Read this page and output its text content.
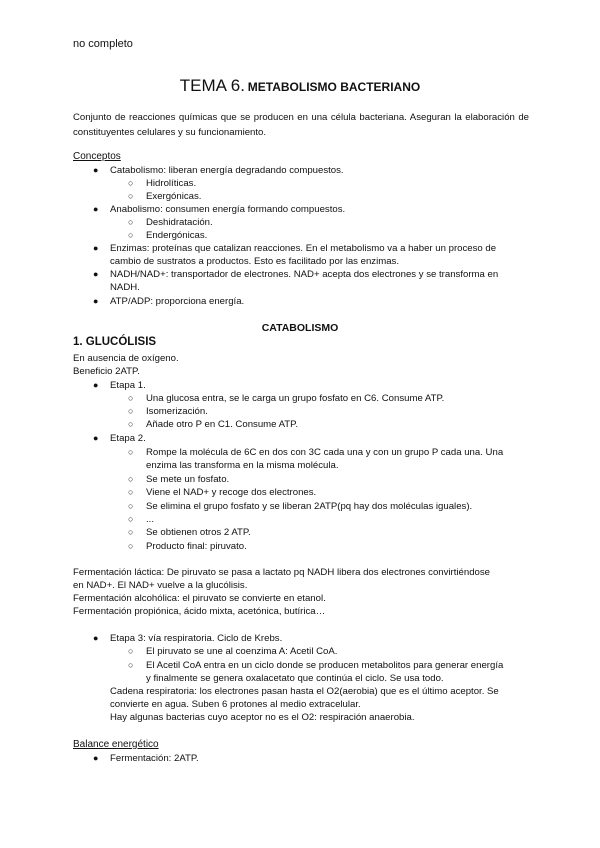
no completo
TEMA 6. METABOLISMO BACTERIANO
Conjunto de reacciones químicas que se producen en una célula bacteriana. Aseguran la elaboración de constituyentes celulares y su funcionamiento.
Conceptos
● Catabolismo: liberan energía degradando compuestos.
○ Hidrolíticas.
○ Exergónicas.
● Anabolismo: consumen energía formando compuestos.
○ Deshidratación.
○ Endergónicas.
● Enzimas: proteínas que catalizan reacciones. En el metabolismo va a haber un proceso de
cambio de sustratos a productos. Esto es facilitado por las enzimas.
● NADH/NAD+: transportador de electrones. NAD+ acepta dos electrones y se transforma en
NADH.
● ATP/ADP: proporciona energía.
CATABOLISMO
1. GLUCÓLISIS
En ausencia de oxígeno.
Beneficio 2ATP.
● Etapa 1.
○ Una glucosa entra, se le carga un grupo fosfato en C6. Consume ATP.
○ Isomerización.
○ Añade otro P en C1. Consume ATP.
● Etapa 2.
○ Rompe la molécula de 6C en dos con 3C cada una y con un grupo P cada una. Una
enzima las transforma en la misma molécula.
○ Se mete un fosfato.
○ Viene el NAD+ y recoge dos electrones.
○ Se elimina el grupo fosfato y se liberan 2ATP(pq hay dos moléculas iguales).
○ ...
○ Se obtienen otros 2 ATP.
○ Producto final: piruvato.
Fermentación láctica: De piruvato se pasa a lactato pq NADH libera dos electrones convirtiéndose
en NAD+. El NAD+ vuelve a la glucólisis.
Fermentación alcohólica: el piruvato se convierte en etanol.
Fermentación propiónica, ácido mixta, acetónica, butírica…
● Etapa 3: vía respiratoria. Ciclo de Krebs.
○ El piruvato se une al coenzima A: Acetil CoA.
○ El Acetil CoA entra en un ciclo donde se producen metabolitos para generar energía
y finalmente se genera oxalacetato que continúa el ciclo. Se usa todo.
Cadena respiratoria: los electrones pasan hasta el O2(aerobia) que es el último aceptor. Se
convierte en agua. Suben 6 protones al medio extracelular.
Hay algunas bacterias cuyo aceptor no es el O2: respiración anaerobia.
Balance energético
● Fermentación: 2ATP.
